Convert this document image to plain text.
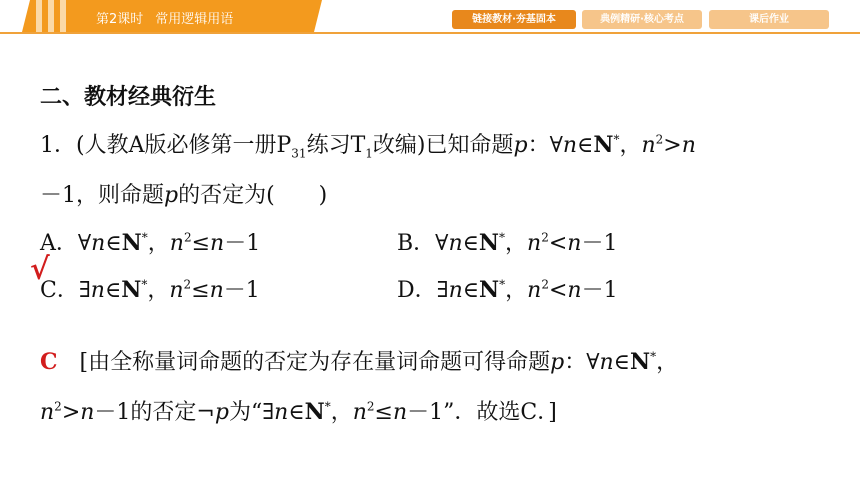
第2课时 常用逻辑用语	链接教材·夯基固本	典例精研·核心考点	课后作业
二、教材经典衍生
1．(人教A版必修第一册$P_{31}$练习$T_1$改编)已知命题p：∀n∈N*，$n^2>n$
－1，则命题p的否定为(　　)
A．∀n∈N*，$n^2\le n-1$	B．∀n∈N*，$n^2<n-1$
√
C．∃n∈N*，$n^2\le n-1$	D．∃n∈N*，$n^2<n-1$
C [由全称量词命题的否定为存在量词命题可得命题p：∀n∈N*，
$n^2>n-1$的否定¬p为“∃n∈N*，$n^2\le n-1$”．故选C．]
